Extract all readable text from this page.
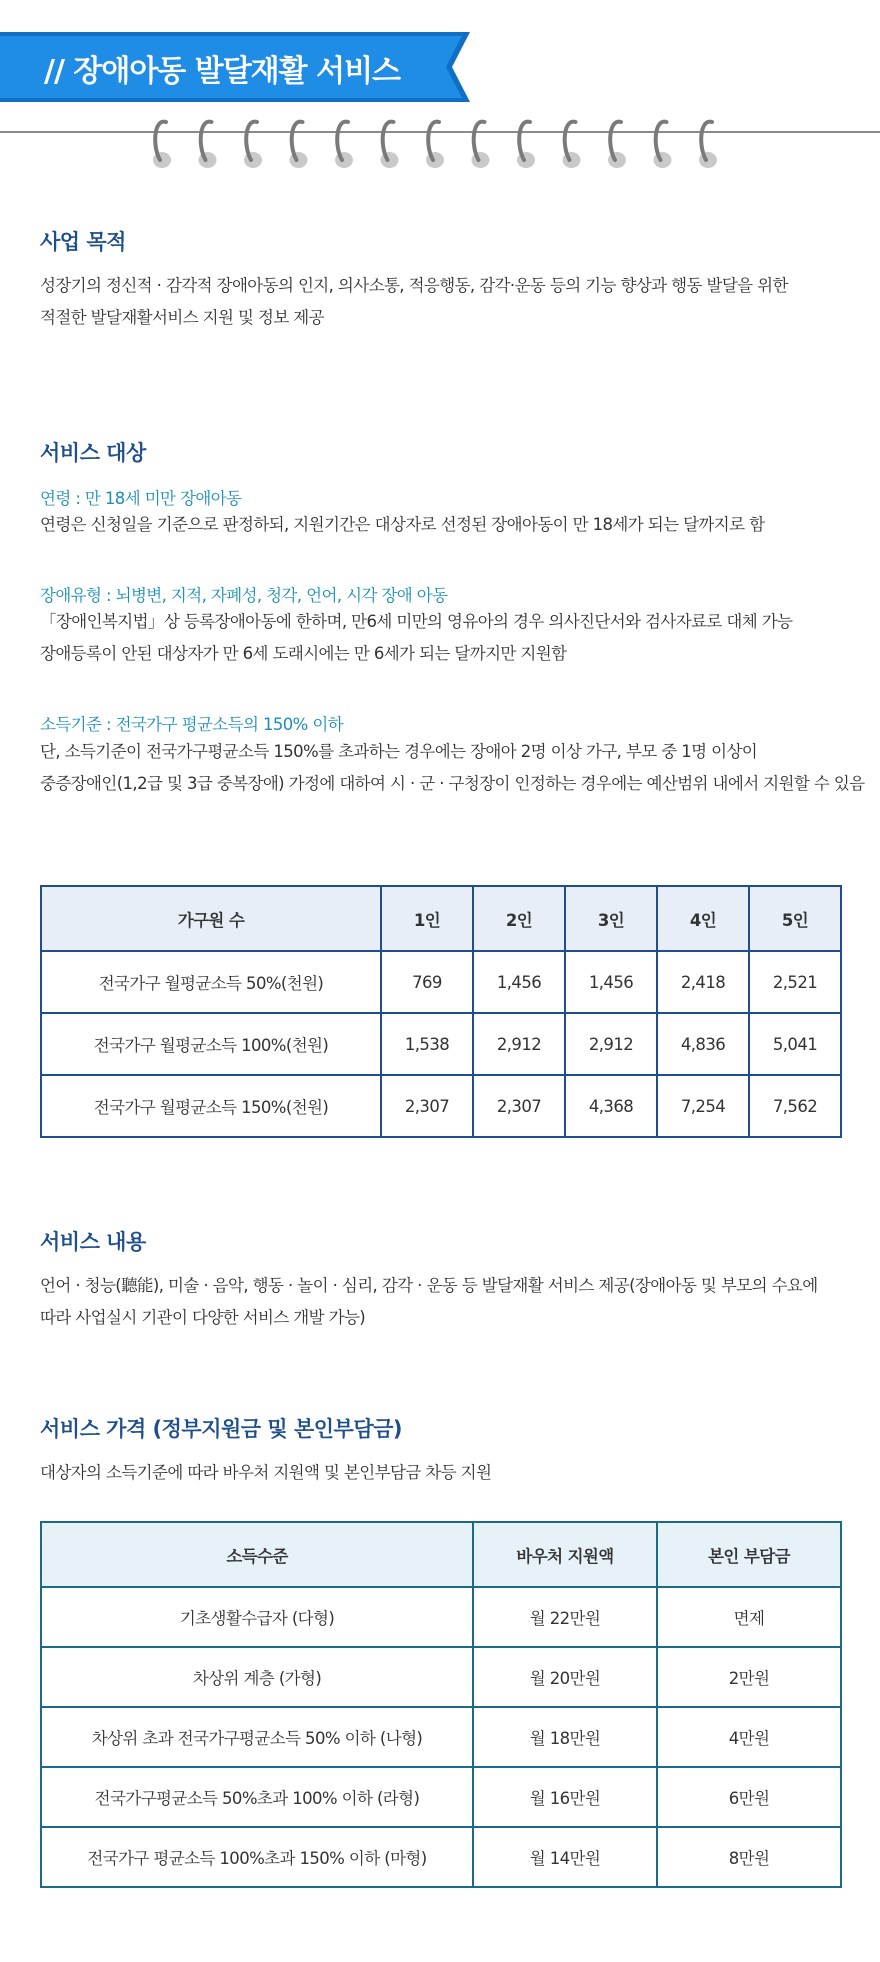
// 장애아동 발달재활 서비스
사업 목적
성장기의 정신적 · 감각적 장애아동의 인지, 의사소통, 적응행동, 감각·운동 등의 기능 향상과 행동 발달을 위한
적절한 발달재활서비스 지원 및 정보 제공
서비스 대상
연령 : 만 18세 미만 장애아동
연령은 신청일을 기준으로 판정하되, 지원기간은 대상자로 선정된 장애아동이 만 18세가 되는 달까지로 함
장애유형 : 뇌병변, 지적, 자폐성, 청각, 언어, 시각 장애 아동
「장애인복지법」상 등록장애아동에 한하며, 만6세 미만의 영유아의 경우 의사진단서와 검사자료로 대체 가능
장애등록이 안된 대상자가 만 6세 도래시에는 만 6세가 되는 달까지만 지원함
소득기준 : 전국가구 평균소득의 150% 이하
단, 소득기준이 전국가구평균소득 150%를 초과하는 경우에는 장애아 2명 이상 가구, 부모 중 1명 이상이
중증장애인(1,2급 및 3급 중복장애) 가정에 대하여 시 · 군 · 구청장이 인정하는 경우에는 예산범위 내에서 지원할 수 있음
가구원 수	1인	2인	3인	4인	5인
전국가구 월평균소득 50%(천원)	769	1,456	1,456	2,418	2,521
전국가구 월평균소득 100%(천원)	1,538	2,912	2,912	4,836	5,041
전국가구 월평균소득 150%(천원)	2,307	2,307	4,368	7,254	7,562
서비스 내용
언어 · 청능(聽能), 미술 · 음악, 행동 · 놀이 · 심리, 감각 · 운동 등 발달재활 서비스 제공(장애아동 및 부모의 수요에
따라 사업실시 기관이 다양한 서비스 개발 가능)
서비스 가격 (정부지원금 및 본인부담금)
대상자의 소득기준에 따라 바우처 지원액 및 본인부담금 차등 지원
소득수준	바우처 지원액	본인 부담금
기초생활수급자 (다형)	월 22만원	면제
차상위 계층 (가형)	월 20만원	2만원
차상위 초과 전국가구평균소득 50% 이하 (나형)	월 18만원	4만원
전국가구평균소득 50%초과 100% 이하 (라형)	월 16만원	6만원
전국가구 평균소득 100%초과 150% 이하 (마형)	월 14만원	8만원
